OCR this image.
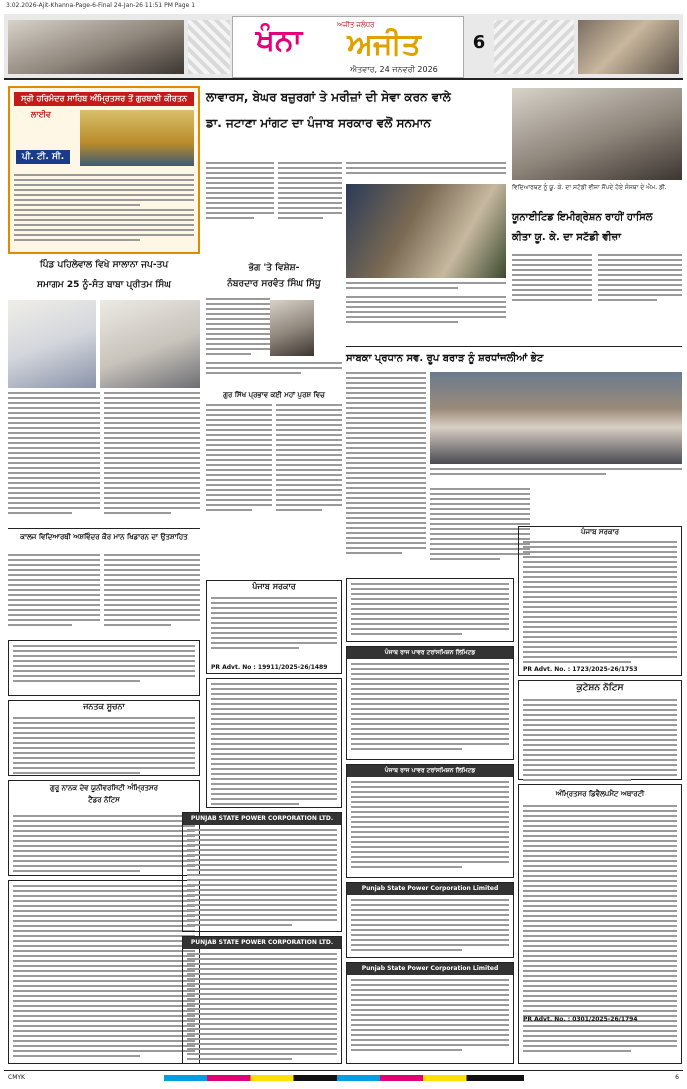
3.02.2026-Ajit-Khanna-Page-6-Final 24-Jan-26 11:51 PM Page 1
ਖੰਨਾ	ਅਜੀਤ ਜਲੰਧਰ
ਅਜੀਤ
ਐਤਵਾਰ, 24 ਜਨਵਰੀ 2026
6
ਸ੍ਰੀ ਹਰਿਮੰਦਰ ਸਾਹਿਬ ਅੰਮ੍ਰਿਤਸਰ ਤੋਂ ਗੁਰਬਾਣੀ ਕੀਰਤਨ
ਲਾਈਵ
ਪੀ. ਟੀ. ਸੀ.
ਲਾਵਾਰਸ, ਬੇਘਰ ਬਜ਼ੁਰਗਾਂ ਤੇ ਮਰੀਜ਼ਾਂ ਦੀ ਸੇਵਾ ਕਰਨ ਵਾਲੇ
ਡਾ. ਜਟਾਣਾ ਮਾਂਗਟ ਦਾ ਪੰਜਾਬ ਸਰਕਾਰ ਵਲੋਂ ਸਨਮਾਨ
ਵਿਦਿਆਰਥਣ ਨੂੰ ਯੂ. ਕੇ. ਦਾ ਸਟੱਡੀ ਵੀਜ਼ਾ ਸੌਂਪਦੇ ਹੋਏ ਸੰਸਥਾ ਦੇ ਐਮ. ਡੀ.
ਯੂਨਾਈਟਿਡ ਇਮੀਗ੍ਰੇਸ਼ਨ ਰਾਹੀਂ ਹਾਸਿਲ
ਕੀਤਾ ਯੂ. ਕੇ. ਦਾ ਸਟੱਡੀ ਵੀਜ਼ਾ
ਪਿੰਡ ਪਹਿਲੇਵਾਲ ਵਿਖੇ ਸਾਲਾਨਾ ਜਪ-ਤਪ
ਸਮਾਗਮ 25 ਨੂੰ-ਸੰਤ ਬਾਬਾ ਪ੍ਰੀਤਮ ਸਿੰਘ
ਭੋਗ 'ਤੇ ਵਿਸ਼ੇਸ਼-
ਨੰਬਰਦਾਰ ਸਰਵੰਤ ਸਿੰਘ ਸਿੱਧੂ
ਗੁਰ ਸਿੱਖ ਪ੍ਰਭਾਵ ਕਈ ਮਹਾਂ ਪੁਰਸ਼ ਵਿਚ
ਸਾਬਕਾ ਪ੍ਰਧਾਨ ਸਵ. ਰੂਪ ਬਰਾੜ ਨੂੰ ਸ਼ਰਧਾਂਜਲੀਆਂ ਭੇਟ
ਕਾਲਜ ਵਿਦਿਆਰਥੀ ਅਸ਼ਵਿੰਦਰ ਕੌਰ ਮਾਨ ਖਿਡਾਰਨ ਦਾ ਉਤਸ਼ਾਹਿਤ
ਜਨਤਕ ਸੂਚਨਾ
ਗੁਰੂ ਨਾਨਕ ਦੇਵ ਯੂਨੀਵਰਸਿਟੀ ਅੰਮ੍ਰਿਤਸਰ
ਟੈਂਡਰ ਨੋਟਿਸ
ਪੰਜਾਬ ਸਰਕਾਰ
PR Advt. No : 19911/2025-26/1489
PUNJAB STATE POWER CORPORATION LTD.
PUNJAB STATE POWER CORPORATION LTD.
ਪੰਜਾਬ ਰਾਜ ਪਾਵਰ ਟਰਾਂਸਮਿਸ਼ਨ ਲਿਮਿਟਡ
ਪੰਜਾਬ ਰਾਜ ਪਾਵਰ ਟਰਾਂਸਮਿਸ਼ਨ ਲਿਮਿਟਡ
Punjab State Power Corporation Limited
Punjab State Power Corporation Limited
ਪੰਜਾਬ ਸਰਕਾਰ
PR Advt. No. : 1723/2025-26/1753
ਕੁਟੇਸ਼ਨ ਨੋਟਿਸ
ਅੰਮ੍ਰਿਤਸਰ ਡਿਵੈਲਪਮੈਂਟ ਅਥਾਰਟੀ
PR Advt. No. : 0301/2025-26/1794
CMYK	6
